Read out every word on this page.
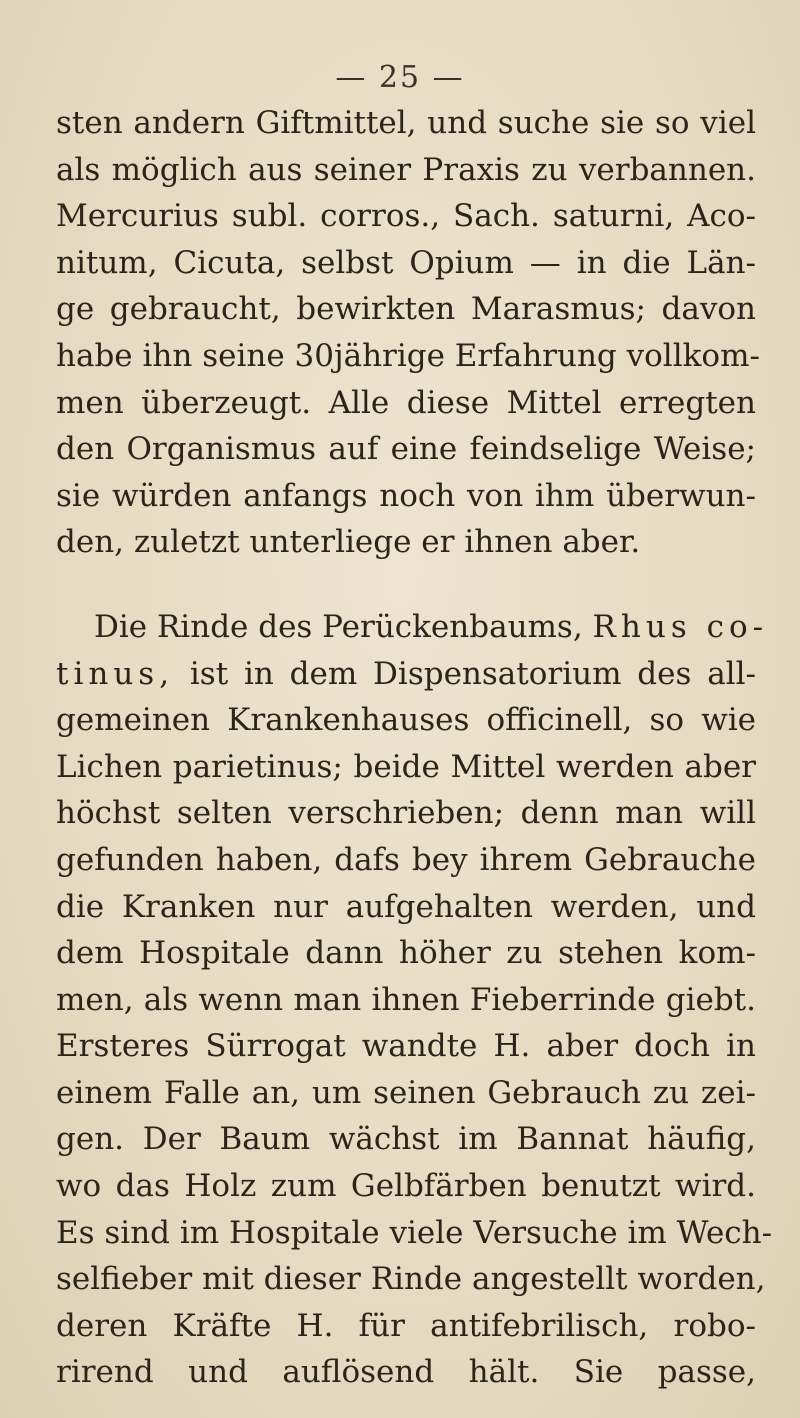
— 25 —
sten andern Giftmittel, und suche sie so viel
als möglich aus seiner Praxis zu verbannen.
Mercurius subl. corros., Sach. saturni, Aco-
nitum, Cicuta, selbst Opium — in die Län-
ge gebraucht, bewirkten Marasmus; davon
habe ihn seine 30jährige Erfahrung vollkom-
men überzeugt. Alle diese Mittel erregten
den Organismus auf eine feindselige Weise;
sie würden anfangs noch von ihm überwun-
den, zuletzt unterliege er ihnen aber.
Die Rinde des Perückenbaums, Rhus co-
tinus, ist in dem Dispensatorium des all-
gemeinen Krankenhauses officinell, so wie
Lichen parietinus; beide Mittel werden aber
höchst selten verschrieben; denn man will
gefunden haben, dafs bey ihrem Gebrauche
die Kranken nur aufgehalten werden, und
dem Hospitale dann höher zu stehen kom-
men, als wenn man ihnen Fieberrinde giebt.
Ersteres Sürrogat wandte H. aber doch in
einem Falle an, um seinen Gebrauch zu zei-
gen. Der Baum wächst im Bannat häufig,
wo das Holz zum Gelbfärben benutzt wird.
Es sind im Hospitale viele Versuche im Wech-
selfieber mit dieser Rinde angestellt worden,
deren Kräfte H. für antifebrilisch, robo-
rirend und auflösend hält. Sie passe,
